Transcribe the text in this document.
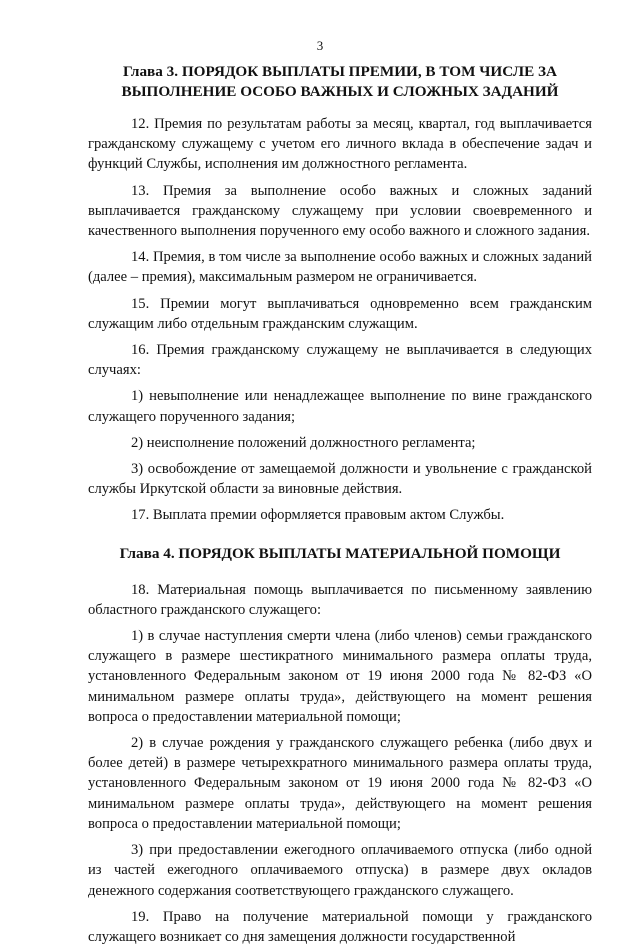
3
Глава 3. ПОРЯДОК ВЫПЛАТЫ ПРЕМИИ, В ТОМ ЧИСЛЕ ЗА
ВЫПОЛНЕНИЕ ОСОБО ВАЖНЫХ И СЛОЖНЫХ ЗАДАНИЙ

12. Премия по результатам работы за месяц, квартал, год выплачивается гражданскому служащему с учетом его личного вклада в обеспечение задач и функций Службы, исполнения им должностного регламента.

13. Премия за выполнение особо важных и сложных заданий выплачивается гражданскому служащему при условии своевременного и качественного выполнения порученного ему особо важного и сложного задания.

14. Премия, в том числе за выполнение особо важных и сложных заданий (далее – премия), максимальным размером не ограничивается.

15. Премии могут выплачиваться одновременно всем гражданским служащим либо отдельным гражданским служащим.

16. Премия гражданскому служащему не выплачивается в следующих случаях:

1) невыполнение или ненадлежащее выполнение по вине гражданского служащего порученного задания;

2) неисполнение положений должностного регламента;

3) освобождение от замещаемой должности и увольнение с гражданской службы Иркутской области за виновные действия.

17. Выплата премии оформляется правовым актом Службы.

Глава 4. ПОРЯДОК ВЫПЛАТЫ МАТЕРИАЛЬНОЙ ПОМОЩИ

18. Материальная помощь выплачивается по письменному заявлению областного гражданского служащего:

1) в случае наступления смерти члена (либо членов) семьи гражданского служащего в размере шестикратного минимального размера оплаты труда, установленного Федеральным законом от 19 июня 2000 года № 82-ФЗ «О минимальном размере оплаты труда», действующего на момент решения вопроса о предоставлении материальной помощи;

2) в случае рождения у гражданского служащего ребенка (либо двух и более детей) в размере четырехкратного минимального размера оплаты труда, установленного Федеральным законом от 19 июня 2000 года № 82-ФЗ «О минимальном размере оплаты труда», действующего на момент решения вопроса о предоставлении материальной помощи;

3) при предоставлении ежегодного оплачиваемого отпуска (либо одной из частей ежегодного оплачиваемого отпуска) в размере двух окладов денежного содержания соответствующего гражданского служащего.

19. Право на получение материальной помощи у гражданского служащего возникает со дня замещения должности государственной
